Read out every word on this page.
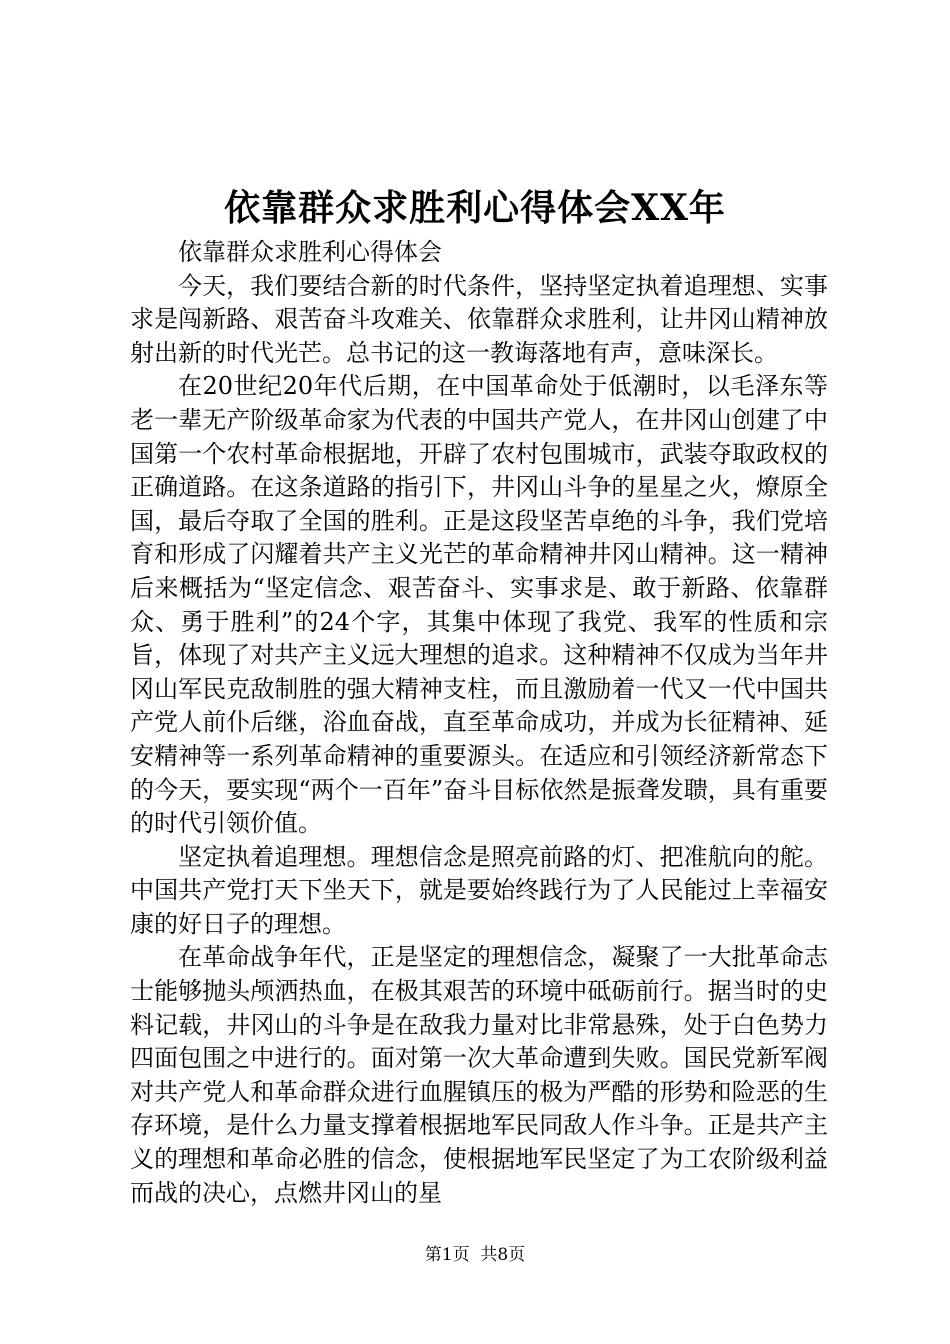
依靠群众求胜利心得体会XX年

依靠群众求胜利心得体会

今天，我们要结合新的时代条件，坚持坚定执着追理想、实事求是闯新路、艰苦奋斗攻难关、依靠群众求胜利，让井冈山精神放射出新的时代光芒。总书记的这一教诲落地有声，意味深长。

在20世纪20年代后期，在中国革命处于低潮时，以毛泽东等老一辈无产阶级革命家为代表的中国共产党人，在井冈山创建了中国第一个农村革命根据地，开辟了农村包围城市，武装夺取政权的正确道路。在这条道路的指引下，井冈山斗争的星星之火，燎原全国，最后夺取了全国的胜利。正是这段坚苦卓绝的斗争，我们党培育和形成了闪耀着共产主义光芒的革命精神井冈山精神。这一精神后来概括为“坚定信念、艰苦奋斗、实事求是、敢于新路、依靠群众、勇于胜利”的24个字，其集中体现了我党、我军的性质和宗旨，体现了对共产主义远大理想的追求。这种精神不仅成为当年井冈山军民克敌制胜的强大精神支柱，而且激励着一代又一代中国共产党人前仆后继，浴血奋战，直至革命成功，并成为长征精神、延安精神等一系列革命精神的重要源头。在适应和引领经济新常态下的今天，要实现“两个一百年”奋斗目标依然是振聋发聩，具有重要的时代引领价值。

坚定执着追理想。理想信念是照亮前路的灯、把准航向的舵。中国共产党打天下坐天下，就是要始终践行为了人民能过上幸福安康的好日子的理想。

在革命战争年代，正是坚定的理想信念，凝聚了一大批革命志士能够抛头颅洒热血，在极其艰苦的环境中砥砺前行。据当时的史料记载，井冈山的斗争是在敌我力量对比非常悬殊，处于白色势力四面包围之中进行的。面对第一次大革命遭到失败。国民党新军阀对共产党人和革命群众进行血腥镇压的极为严酷的形势和险恶的生存环境，是什么力量支撑着根据地军民同敌人作斗争。正是共产主义的理想和革命必胜的信念，使根据地军民坚定了为工农阶级利益而战的决心，点燃井冈山的星

第1页 共8页
